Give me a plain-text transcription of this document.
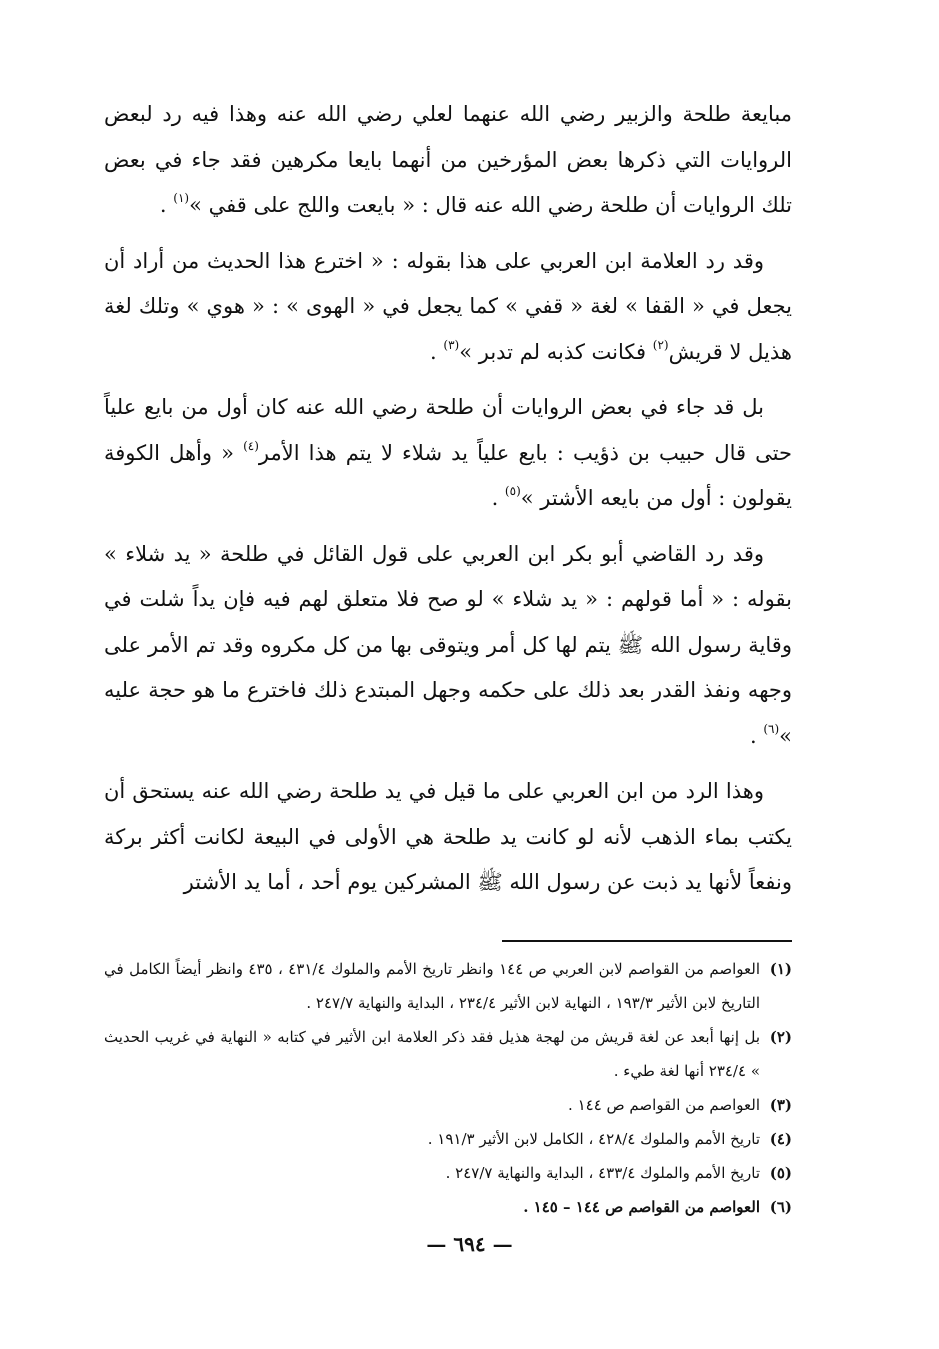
مبايعة طلحة والزبير رضي الله عنهما لعلي رضي الله عنه وهذا فيه رد لبعض الروايات التي ذكرها بعض المؤرخين من أنهما بايعا مكرهين فقد جاء في بعض تلك الروايات أن طلحة رضي الله عنه قال : « بايعت واللج على قفي »$^{(١)}$ .

وقد رد العلامة ابن العربي على هذا بقوله : « اخترع هذا الحديث من أراد أن يجعل في « القفا » لغة « قفي » كما يجعل في « الهوى » : « هوي » وتلك لغة هذيل لا قريش$^{(٢)}$ فكانت كذبه لم تدبر »$^{(٣)}$ .

بل قد جاء في بعض الروايات أن طلحة رضي الله عنه كان أول من بايع علياً حتى قال حبيب بن ذؤيب : بايع علياً يد شلاء لا يتم هذا الأمر$^{(٤)}$ « وأهل الكوفة يقولون : أول من بايعه الأشتر »$^{(٥)}$ .

وقد رد القاضي أبو بكر ابن العربي على قول القائل في طلحة « يد شلاء » بقوله : « أما قولهم : « يد شلاء » لو صح فلا متعلق لهم فيه فإن يداً شلت في وقاية رسول الله ﷺ يتم لها كل أمر ويتوقى بها من كل مكروه وقد تم الأمر على وجهه ونفذ القدر بعد ذلك على حكمه وجهل المبتدع ذلك فاخترع ما هو حجة عليه »$^{(٦)}$ .

وهذا الرد من ابن العربي على ما قيل في يد طلحة رضي الله عنه يستحق أن يكتب بماء الذهب لأنه لو كانت يد طلحة هي الأولى في البيعة لكانت أكثر بركة ونفعاً لأنها يد ذبت عن رسول الله ﷺ المشركين يوم أحد ، أما يد الأشتر

(١)
العواصم من القواصم لابن العربي ص ١٤٤ وانظر تاريخ الأمم والملوك ٤٣١/٤ ، ٤٣٥ وانظر أيضاً الكامل في التاريخ لابن الأثير ١٩٣/٣ ، النهاية لابن الأثير ٢٣٤/٤ ، البداية والنهاية ٢٤٧/٧ .
(٢)
بل إنها أبعد عن لغة قريش من لهجة هذيل فقد ذكر العلامة ابن الأثير في كتابه « النهاية في غريب الحديث » ٢٣٤/٤ أنها لغة طيء .
(٣)
العواصم من القواصم ص ١٤٤ .
(٤)
تاريخ الأمم والملوك ٤٢٨/٤ ، الكامل لابن الأثير ١٩١/٣ .
(٥)
تاريخ الأمم والملوك ٤٣٣/٤ ، البداية والنهاية ٢٤٧/٧ .
(٦)
العواصم من القواصم ص ١٤٤ – ١٤٥ .
— ٦٩٤ —
